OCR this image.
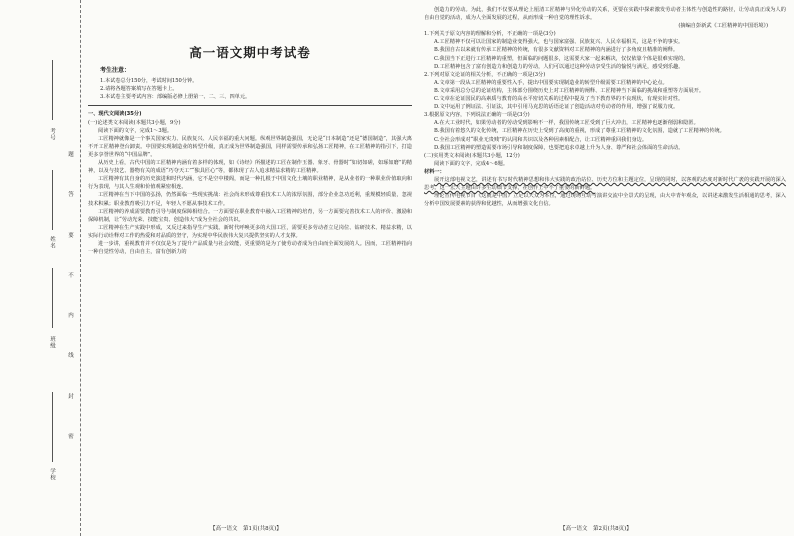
考号
姓名
班级
学校
题
答
要
不
内
线
封
密
高一语文期中考试卷
考生注意：
1.本试卷总分150分，考试时间150分钟。
2.请将各题答案填写在答题卡上。
3.本试卷主要考试内容：部编版必修上册第一、二、三、四单元。
一、现代文阅读(35分)
(一)论述类文本阅读(本题共3小题，9分)
阅读下面的文字，完成1～3题。
工匠精神就像是一个事关国家实力、民族复兴、人民幸福的重大问题。纵观世界制造强国，无论是“日本制造”还是“德国制造”，其强大离不开工匠精神登台卸责。中国要实现制造业的转型升级，真正成为世界制造强国，同样需要传承和弘扬工匠精神，在工匠精神的指引下，打造更多享誉世界的“中国品牌”。
从历史上看，古代中国的工匠精神内涵有着多样的体现，如《诗经》所描述的工匠在制作玉器、象牙、骨器时“如切如磋，如琢如磨”的精神，以及与技艺、器物有关的成语“巧夺天工”“独具匠心”等，都体现了古人追求精益求精的工匠精神。
工匠精神有其自身的历史演进和时代内涵，它不是空中楼阁，而是一种扎根于中国文化土壤的职业精神，是从业者的一种职业价值取向和行为表现，与其人生观和价值观紧密相连。
工匠精神在当下中国的弘扬，仍然面临一些现实挑战：社会尚未形成尊重技术工人的浓厚氛围，部分企业急功近利，重规模轻质量，忽视技术积累；职业教育吸引力不足，年轻人不愿从事技术工作。
工匠精神的养成需要教育引导与制度保障相结合。一方面要在职业教育中融入工匠精神的培育，另一方面要完善技术工人的评价、激励和保障机制，让“劳动光荣、技能宝贵、创造伟大”成为全社会的共识。
工匠精神在生产实践中形成，又反过来指导生产实践。新时代呼唤更多的大国工匠，需要更多劳动者立足岗位、钻研技术、精益求精，以实际行动诠释对工作的热爱和对品质的坚守，为实现中华民族伟大复兴提供坚实的人才支撑。
进一步讲，重视教育并不仅仅是为了提升产品质量与社会效能，更重要的是为了使劳动者成为自由而全面发展的人。因而，工匠精神指向一种自觉性劳动，自由自主，富有创新力的
创造力的劳动。为此，我们不仅要从理论上厘清工匠精神与异化劳动的关系，更要在实践中探索激发劳动者主体性与创造性的路径，让劳动真正成为人的自由自觉的活动，成为人全面发展的过程，从而形成一种自觉的理性诉求。
(摘编自彭新武《工匠精神的中国语境》)
1.下列关于原文内容的理解和分析，不正确的一项是(3分)
A.工匠精神不仅可以让国家的制造业变得强大，也与国家富强、民族复兴、人民幸福相关，这是不争的事实。
B.我国自古以来就有传承工匠精神的传统，有很多文献资料对工匠精神的内涵进行了多角度且精准的阐释。
C.我国当下正进行工匠精神的重塑，但面临的问题很多，这需要大家一起来解决，仅仅依靠个体是很难实现的。
D.工匠精神包含了富有创造力和创造力的劳动，人们可以通过这种劳动享受生活的愉悦与满足，感受到乐趣。
2.下列对原文论证的相关分析，不正确的一项是(3分)
A.文章第一段从工匠精神的重要性入手，提出中国要实现制造业的转型升级需要工匠精神的中心论点。
B.文章采用总分总的论证结构，主体部分围绕历史上对工匠精神的阐释、工匠精神当下面临的挑战和重塑等方面展开。
C.文章在论证国民的高素质与教育的高水平密切关系的过程中提及了当下教育界的不良现状，有现实针对性。
D.文中运用了例证法、引证法，其中引用马克思的话语论证了创造活动对劳动者的作用，增强了说服力度。
3.根据原文内容，下列说法正确的一项是(3分)
A.在大工业时代，如果劳动者的劳动受到影响不一样，我国传统工匠受到了巨大冲击，工匠精神也逐渐削弱和隐匿。
B.我国有着悠久的文化传统，工匠精神在历史上受到了高度的重视，形成了尊重工匠精神的文化氛围，造就了工匠精神的传统。
C.全社会形成对“职业无贵贱”的认同和共识以及各种因素相配合，让工匠精神重回我们身边。
D.我国工匠精神的塑造需要市场引导和制度保障，也要把追求卓越上升为人身、尊严和社会体面的生命活动。
(二)实用类文本阅读(本题共3小题，12分)
阅读下面的文字，完成4～6题。
材料一：
展开这部电视文艺，讲述有书写时代精神思想和伟大实践的政治站位、历史方位和主题定位，呈现的同时，以客观的态度对新时代广袤的实践开展的深入思考。这一宏大主题由许多生动细节支撑，在创作上中不了重要的新鲜题。
理论宣传电视节目《这就是中国》立足以大众为本位，通过现场互动与演讲交流中全景式的呈现，由大中青年观众，以讲述来激发生活相通的思考，深入分析中国发展要素的获得和优越性，从而增强文化自信。
【高一语文　第1页(共8页)】	【高一语文　第2页(共8页)】
